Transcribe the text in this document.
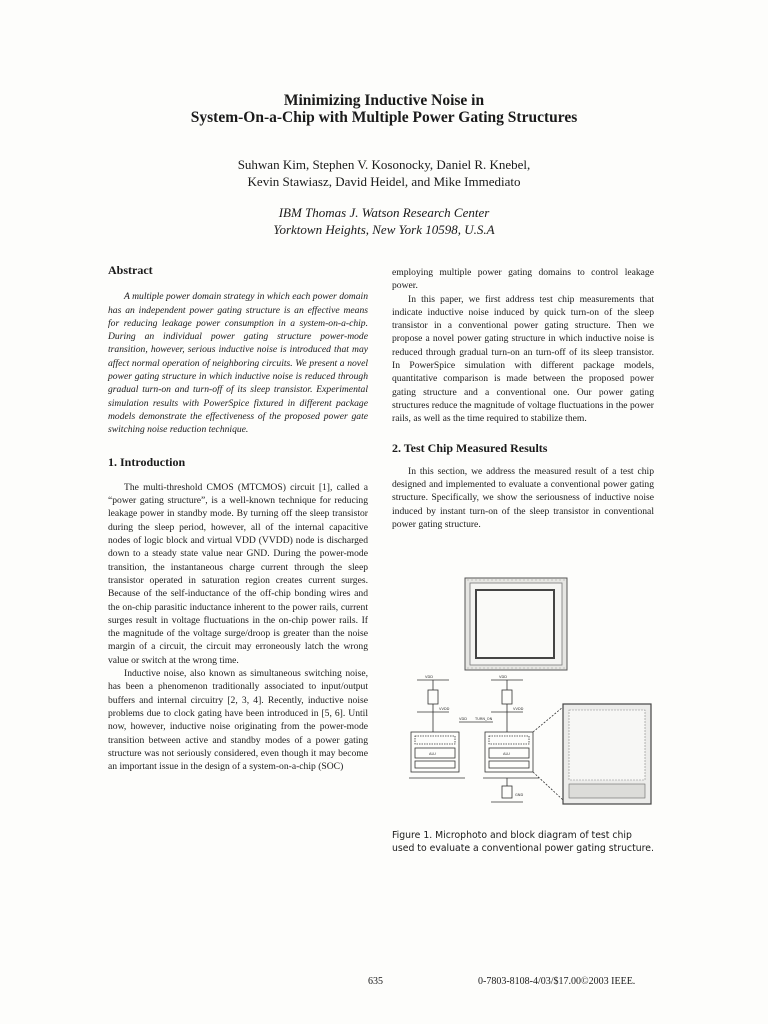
Minimizing Inductive Noise in
System-On-a-Chip with Multiple Power Gating Structures
Suhwan Kim, Stephen V. Kosonocky, Daniel R. Knebel,
Kevin Stawiasz, David Heidel, and Mike Immediato
IBM Thomas J. Watson Research Center
Yorktown Heights, New York 10598, U.S.A
Abstract

A multiple power domain strategy in which each power domain has an independent power gating structure is an effective means for reducing leakage power consumption in a system-on-a-chip. During an individual power gating structure power-mode transition, however, serious inductive noise is introduced that may affect normal operation of neighboring circuits. We present a novel power gating structure in which inductive noise is reduced through gradual turn-on and turn-off of its sleep transistor. Experimental simulation results with PowerSpice fixtured in different package models demonstrate the effectiveness of the proposed power gate switching noise reduction technique.

1. Introduction

The multi-threshold CMOS (MTCMOS) circuit [1], called a “power gating structure”, is a well-known technique for reducing leakage power in standby mode. By turning off the sleep transistor during the sleep period, however, all of the internal capacitive nodes of logic block and virtual VDD (VVDD) node is discharged down to a steady state value near GND. During the power-mode transition, the instantaneous charge current through the sleep transistor operated in saturation region creates current surges. Because of the self-inductance of the off-chip bonding wires and the on-chip parasitic inductance inherent to the power rails, current surges result in voltage fluctuations in the on-chip power rails. If the magnitude of the voltage surge/droop is greater than the noise margin of a circuit, the circuit may erroneously latch the wrong value or switch at the wrong time.

Inductive noise, also known as simultaneous switching noise, has been a phenomenon traditionally associated to input/output buffers and internal circuitry [2, 3, 4]. Recently, inductive noise problems due to clock gating have been introduced in [5, 6]. Until now, however, inductive noise originating from the power-mode transition between active and standby modes of a power gating structure was not seriously considered, even though it may become an important issue in the design of a system-on-a-chip (SOC)

employing multiple power gating domains to control leakage power.

In this paper, we first address test chip measurements that indicate inductive noise induced by quick turn-on of the sleep transistor in a conventional power gating structure. Then we propose a novel power gating structure in which inductive noise is reduced through gradual turn-on an turn-off of its sleep transistor. In PowerSpice simulation with different package models, quantitative comparison is made between the proposed power gating structure and a conventional one. Our power gating structures reduce the magnitude of voltage fluctuations in the power rails, as well as the time required to stabilize them.

2. Test Chip Measured Results

In this section, we address the measured result of a test chip designed and implemented to evaluate a conventional power gating structure. Specifically, we show the seriousness of inductive noise induced by instant turn-on of the sleep transistor in conventional power gating structure.

VDD	VDD
VVDD	VVDD
VDD TURN_ON
ALU	ALU
GND
Figure 1. Microphoto and block diagram of test chip used to evaluate a conventional power gating structure.
635	0-7803-8108-4/03/$17.00©2003 IEEE.
